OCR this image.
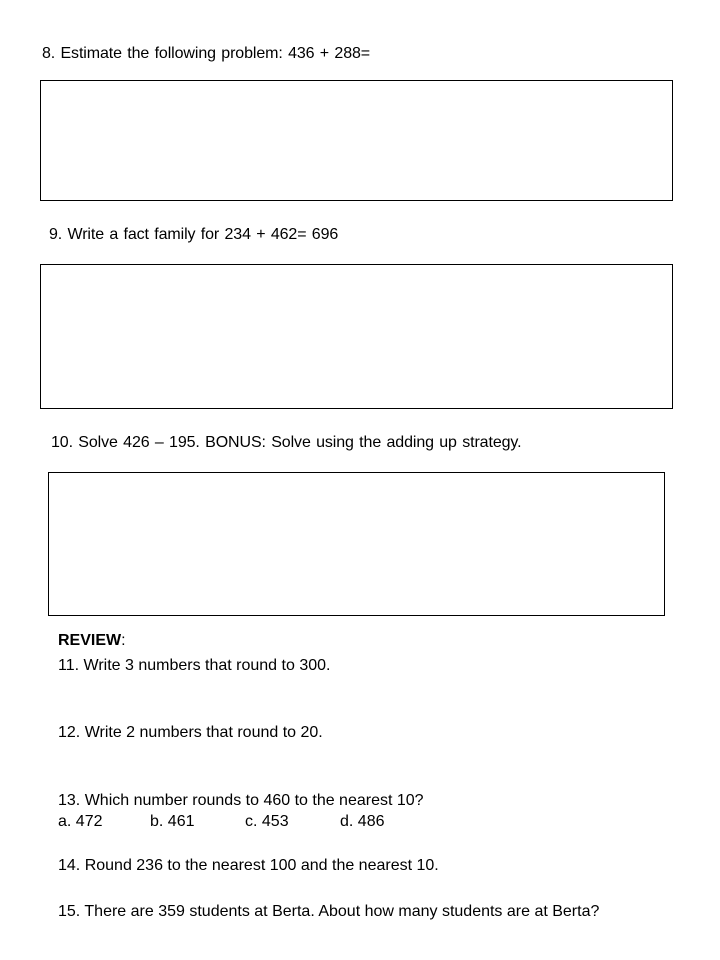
8. Estimate the following problem: 436 + 288=
9. Write a fact family for 234 + 462= 696
10. Solve 426 – 195. BONUS: Solve using the adding up strategy.
REVIEW:
11. Write 3 numbers that round to 300.
12. Write 2 numbers that round to 20.
13. Which number rounds to 460 to the nearest 10?
a. 472	b. 461	c. 453	d. 486
14. Round 236 to the nearest 100 and the nearest 10.
15. There are 359 students at Berta. About how many students are at Berta?
